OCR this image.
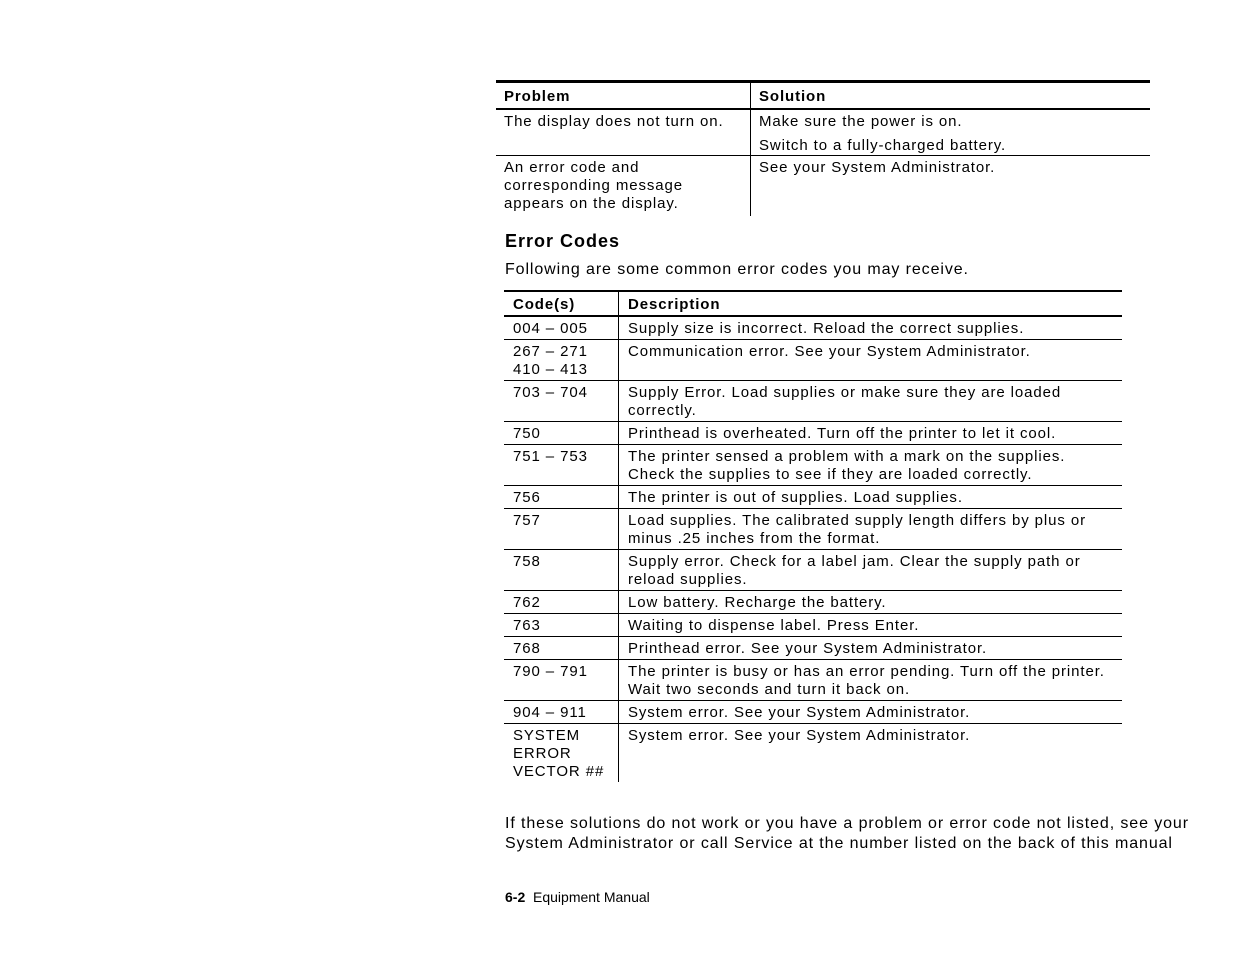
Problem	Solution
The display does not turn on.	Make sure the power is on.
Switch to a fully-charged battery.

An error code and corresponding message appears on the display.	See your System Administrator.
Error Codes

Following are some common error codes you may receive.

Code(s)	Description
004 – 005	Supply size is incorrect. Reload the correct supplies.
267 – 271
410 – 413	Communication error. See your System Administrator.
703 – 704	Supply Error. Load supplies or make sure they are loaded correctly.
750	Printhead is overheated. Turn off the printer to let it cool.
751 – 753	The printer sensed a problem with a mark on the supplies. Check the supplies to see if they are loaded correctly.
756	The printer is out of supplies. Load supplies.
757	Load supplies. The calibrated supply length differs by plus or minus .25 inches from the format.
758	Supply error. Check for a label jam. Clear the supply path or reload supplies.
762	Low battery. Recharge the battery.
763	Waiting to dispense label. Press Enter.
768	Printhead error. See your System Administrator.
790 – 791	The printer is busy or has an error pending. Turn off the printer. Wait two seconds and turn it back on.
904 – 911	System error. See your System Administrator.
SYSTEM
ERROR
VECTOR ##	System error. See your System Administrator.

If these solutions do not work or you have a problem or error code not listed, see your System Administrator or call Service at the number listed on the back of this manual

6-2 Equipment Manual
